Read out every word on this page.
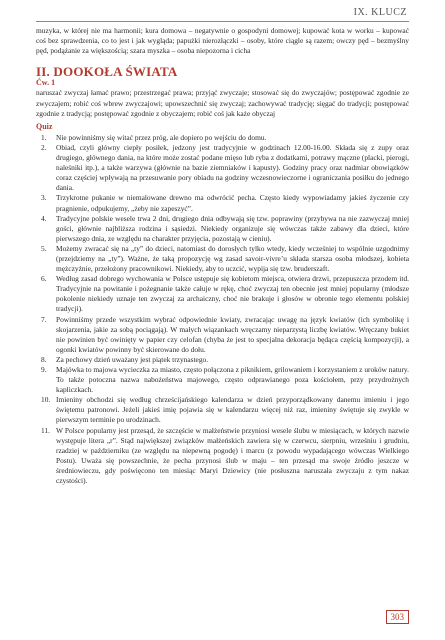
IX. KLUCZ

muzyka, w której nie ma harmonii; kura domowa – negatywnie o gospodyni domowej; kupować kota w worku – kupować coś bez sprawdzenia, co to jest i jak wygląda; papużki nierozłączki – osoby, które ciągle są razem; owczy pęd – bezmyślny pęd, podążanie za większością; szara myszka – osoba niepozorna i cicha

II. DOOKOŁA ŚWIATA
Ćw. 1

naruszać zwyczaj łamać prawo; przestrzegać prawa; przyjąć zwyczaje; stosować się do zwyczajów; postępować zgodnie ze zwyczajem; robić coś wbrew zwyczajowi; upowszechnić się zwyczaj; zachowywać tradycję; sięgać do tradycji; postępować zgodnie z tradycją; postępować zgodnie z obyczajem; robić coś jak każe obyczaj

Quiz
1. Nie powinniśmy się witać przez próg, ale dopiero po wejściu do domu.
2. Obiad, czyli główny ciepły posiłek, jedzony jest tradycyjnie w godzinach 12.00-16.00. Składa się z zupy oraz drugiego, głównego dania, na które może zostać podane mięso lub ryba z dodatkami, potrawy mączne (placki, pierogi, naleśniki itp.), a także warzywa (głównie na bazie ziemniaków i kapusty). Godziny pracy oraz nadmiar obowiązków coraz częściej wpływają na przesuwanie pory obiadu na godziny wczesnowieczorne i ograniczania posiłku do jednego dania.
3. Trzykrotne pukanie w niemalowane drewno ma odwrócić pecha. Często kiedy wypowiadamy jakieś życzenie czy pragnienie, odpukujemy, „żeby nie zapeszyć”.
4. Tradycyjne polskie wesele trwa 2 dni, drugiego dnia odbywają się tzw. poprawiny (przybywa na nie zazwyczaj mniej gości, głównie najbliższa rodzina i sąsiedzi. Niekiedy organizuje się wówczas także zabawy dla dzieci, które pierwszego dnia, ze względu na charakter przyjęcia, pozostają w cieniu).
5. Możemy zwracać się na „ty” do dzieci, natomiast do dorosłych tylko wtedy, kiedy wcześniej to wspólnie uzgodnimy (przejdziemy na „ty”). Ważne, że taką propozycję wg zasad savoir-vivre’u składa starsza osoba młodszej, kobieta mężczyźnie, przełożony pracownikowi. Niekiedy, aby to uczcić, wypija się tzw. bruderszaft.
6. Według zasad dobrego wychowania w Polsce ustępuje się kobietom miejsca, otwiera drzwi, przepuszcza przodem itd. Tradycyjnie na powitanie i pożegnanie także całuje w rękę, choć zwyczaj ten obecnie jest mniej popularny (młodsze pokolenie niekiedy uznaje ten zwyczaj za archaiczny, choć nie brakuje i głosów w obronie tego elementu polskiej tradycji).
7. Powinniśmy przede wszystkim wybrać odpowiednie kwiaty, zwracając uwagę na język kwiatów (ich symbolikę i skojarzenia, jakie za sobą pociągają). W małych wiązankach wręczamy nieparzystą liczbę kwiatów. Wręczany bukiet nie powinien być owinięty w papier czy celofan (chyba że jest to specjalna dekoracja będąca częścią kompozycji), a ogonki kwiatów powinny być skierowane do dołu.
8. Za pechowy dzień uważany jest piątek trzynastego.
9. Majówka to majowa wycieczka za miasto, często połączona z piknikiem, grilowaniem i korzystaniem z uroków natury. To także potoczna nazwa nabożeństwa majowego, często odprawianego poza kościołem, przy przydrożnych kapliczkach.
10. Imieniny obchodzi się według chrześcijańskiego kalendarza w dzień przyporządkowany danemu imieniu i jego świętemu patronowi. Jeżeli jakieś imię pojawia się w kalendarzu więcej niż raz, imieniny świętuje się zwykle w pierwszym terminie po urodzinach.
11. W Polsce popularny jest przesąd, że szczęście w małżeństwie przyniosi wesele ślubu w miesiącach, w których nazwie występuje litera „r”. Stąd największej związków małżeńskich zawiera się w czerwcu, sierpniu, wrześniu i grudniu, rzadziej w październiku (ze względu na niepewną pogodę) i marcu (z powodu wypadającego wówczas Wielkiego Postu). Uważa się powszechnie, że pecha przynosi ślub w maju – ten przesąd ma swoje źródło jeszcze w średniowieczu, gdy poświęcono ten miesiąc Maryi Dziewicy (nie posłuszna naruszała zwyczaju z tym nakaz czystości).
303
